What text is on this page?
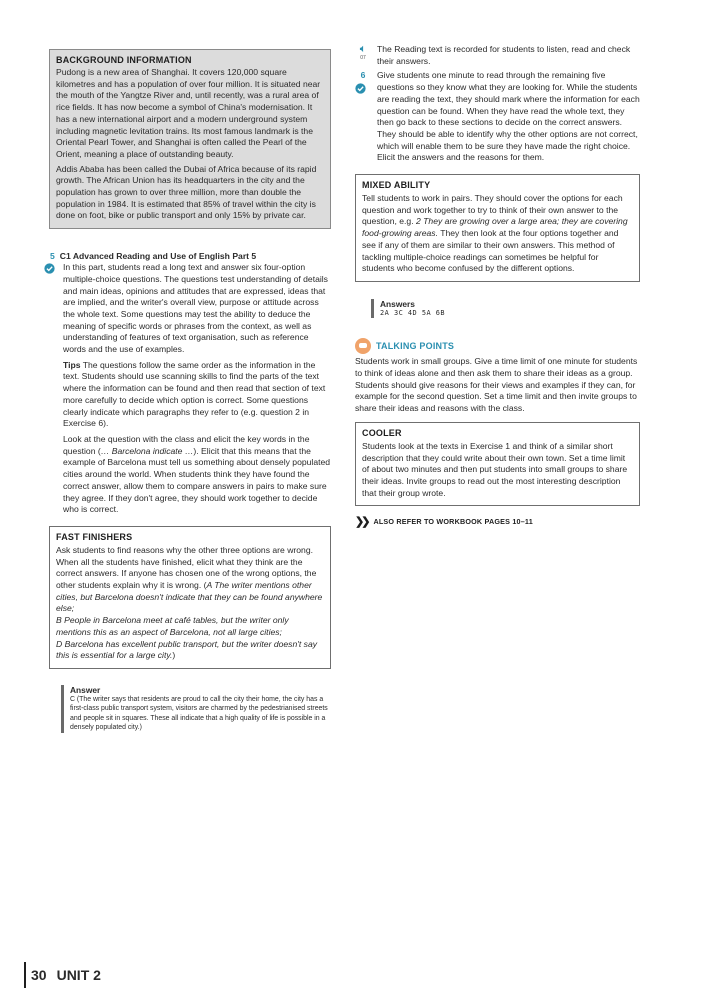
BACKGROUND INFORMATION

Pudong is a new area of Shanghai. It covers 120,000 square kilometres and has a population of over four million. It is situated near the mouth of the Yangtze River and, until recently, was a rural area of rice fields. It has now become a symbol of China's modernisation. It has a new international airport and a modern underground system including magnetic levitation trains. Its most famous landmark is the Oriental Pearl Tower, and Shanghai is often called the Pearl of the Orient, meaning a place of outstanding beauty.

Addis Ababa has been called the Dubai of Africa because of its rapid growth. The African Union has its headquarters in the city and the population has grown to over three million, more than double the population in 1984. It is estimated that 85% of travel within the city is done on foot, bike or public transport and only 15% by private car.

5 C1 Advanced Reading and Use of English Part 5

In this part, students read a long text and answer six four-option multiple-choice questions. The questions test understanding of details and main ideas, opinions and attitudes that are expressed, ideas that are implied, and the writer's overall view, purpose or attitude across the whole text. Some questions may test the ability to deduce the meaning of specific words or phrases from the context, as well as understanding of features of text organisation, such as reference words and the use of examples.

Tips The questions follow the same order as the information in the text. Students should use scanning skills to find the parts of the text where the information can be found and then read that section of text more carefully to decide which option is correct. Some questions clearly indicate which paragraphs they refer to (e.g. question 2 in Exercise 6).

Look at the question with the class and elicit the key words in the question (… Barcelona indicate …). Elicit that this means that the example of Barcelona must tell us something about densely populated cities around the world. When students think they have found the correct answer, allow them to compare answers in pairs to make sure they agree. If they don't agree, they should work together to decide who is correct.

FAST FINISHERS

Ask students to find reasons why the other three options are wrong. When all the students have finished, elicit what they think are the correct answers. If anyone has chosen one of the wrong options, the other students explain why it is wrong. (A The writer mentions other cities, but Barcelona doesn't indicate that they can be found anywhere else;
B People in Barcelona meet at café tables, but the writer only mentions this as an aspect of Barcelona, not all large cities;
D Barcelona has excellent public transport, but the writer doesn't say this is essential for a large city.)

Answer

C (The writer says that residents are proud to call the city their home, the city has a first-class public transport system, visitors are charmed by the pedestrianised streets and people sit in squares. These all indicate that a high quality of life is possible in a densely populated city.)

🔈︎
07

The Reading text is recorded for students to listen, read and check their answers.

6	Give students one minute to read through the remaining five questions so they know what they are looking for. While the students are reading the text, they should mark where the information for each question can be found. When they have read the whole text, they then go back to these sections to decide on the correct answers. They should be able to identify why the other options are not correct, which will enable them to be sure they have made the right choice. Elicit the answers and the reasons for them.

MIXED ABILITY

Tell students to work in pairs. They should cover the options for each question and work together to try to think of their own answer to the question, e.g. 2 They are growing over a large area; they are covering food-growing areas. They then look at the four options together and see if any of them are similar to their own answers. This method of tackling multiple-choice readings can sometimes be helpful for students who become confused by the different options.

Answers

2A 3C 4D 5A 6B

TALKING POINTS

Students work in small groups. Give a time limit of one minute for students to think of ideas alone and then ask them to share their ideas as a group. Students should give reasons for their views and examples if they can, for example for the second question. Set a time limit and then invite groups to share their ideas and reasons with the class.

COOLER

Students look at the texts in Exercise 1 and think of a similar short description that they could write about their own town. Set a time limit of about two minutes and then put students into small groups to share their ideas. Invite groups to read out the most interesting description that their group wrote.

❯❯ ALSO REFER TO WORKBOOK PAGES 10–11
30 UNIT 2
